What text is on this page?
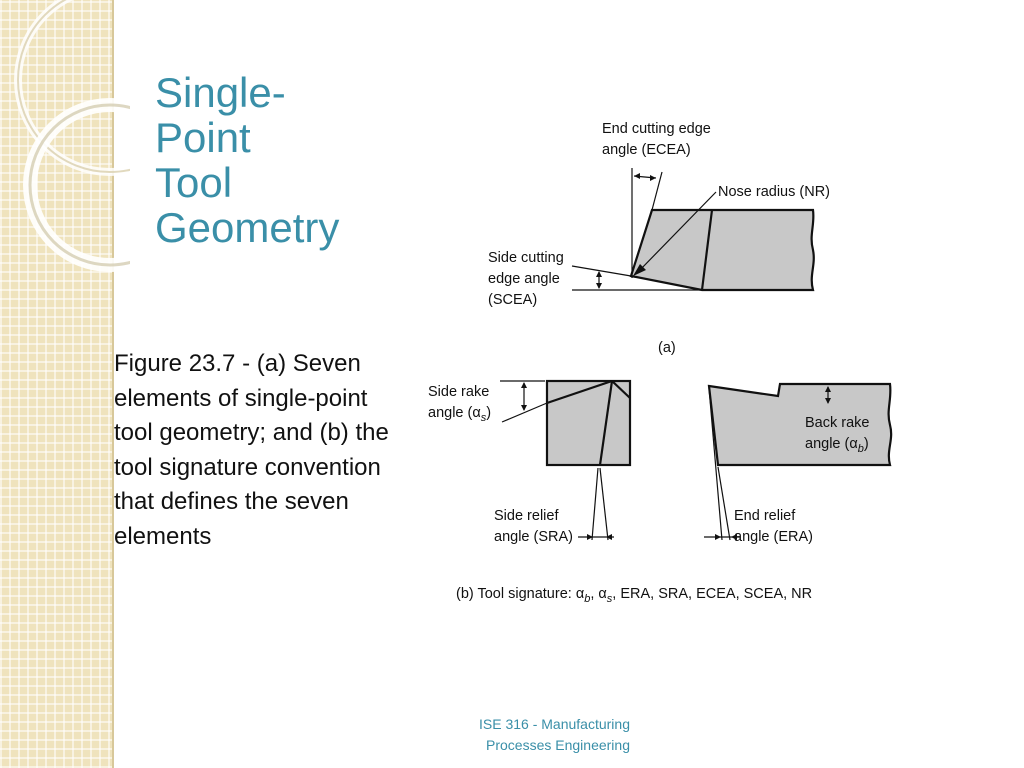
Single-
Point
Tool
Geometry
Figure 23.7 - (a) Seven elements of single-point tool geometry; and (b) the tool signature convention that defines the seven elements
End cutting edge
angle (ECEA)
Nose radius (NR)
Side cutting
edge angle
(SCEA)
(a)
Side rake
angle $(\alpha_s)$
Side relief
angle (SRA)
Back rake
angle $(\alpha_b)$
End relief
angle (ERA)
(b) Tool signature: $\alpha_b$, $\alpha_s$, ERA, SRA, ECEA, SCEA, NR
ISE 316 - Manufacturing
Processes Engineering
